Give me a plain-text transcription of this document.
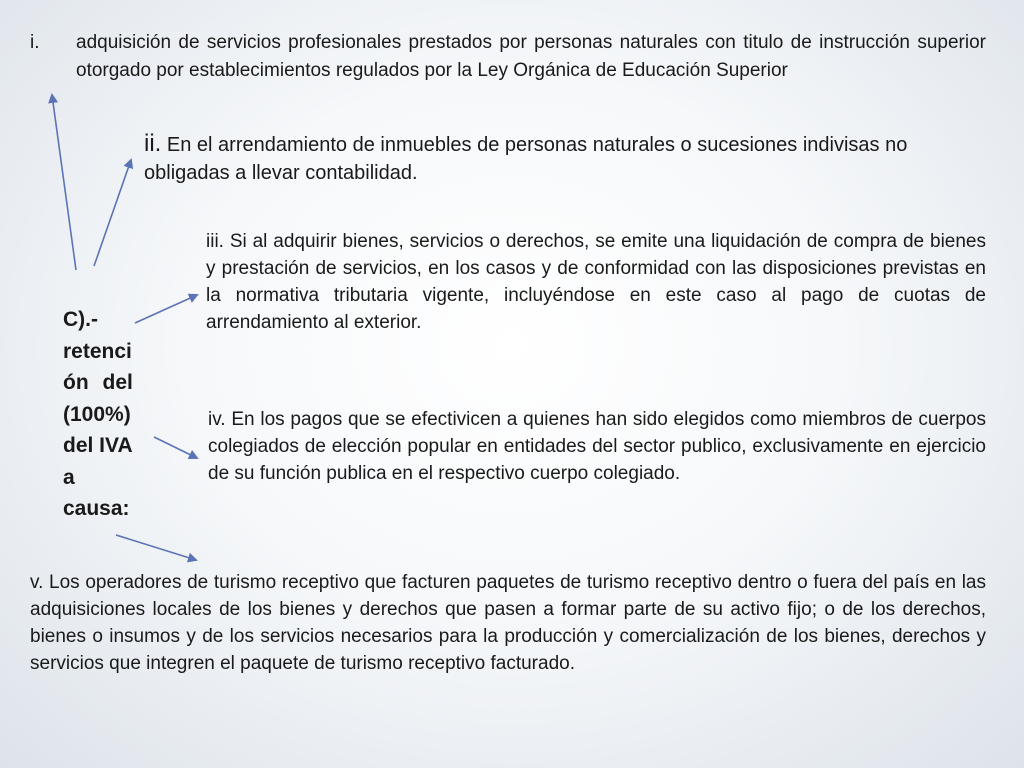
i. adquisición de servicios profesionales prestados por personas naturales con titulo de instrucción superior otorgado por establecimientos regulados por la Ley Orgánica de Educación Superior

ii. En el arrendamiento de inmuebles de personas naturales o sucesiones indivisas no obligadas a llevar contabilidad.

iii. Si al adquirir bienes, servicios o derechos, se emite una liquidación de compra de bienes y prestación de servicios, en los casos y de conformidad con las disposiciones previstas en la normativa tributaria vigente, incluyéndose en este caso al pago de cuotas de arrendamiento al exterior.

iv. En los pagos que se efectivicen a quienes han sido elegidos como miembros de cuerpos colegiados de elección popular en entidades del sector publico, exclusivamente en ejercicio de su función publica en el respectivo cuerpo colegiado.

v. Los operadores de turismo receptivo que facturen paquetes de turismo receptivo dentro o fuera del país en las adquisiciones locales de los bienes y derechos que pasen a formar parte de su activo fijo; o de los derechos, bienes o insumos y de los servicios necesarios para la producción y comercialización de los bienes, derechos y servicios que integren el paquete de turismo receptivo facturado.

C).-
retenci
ón del
(100%)
del IVA
a
causa:
